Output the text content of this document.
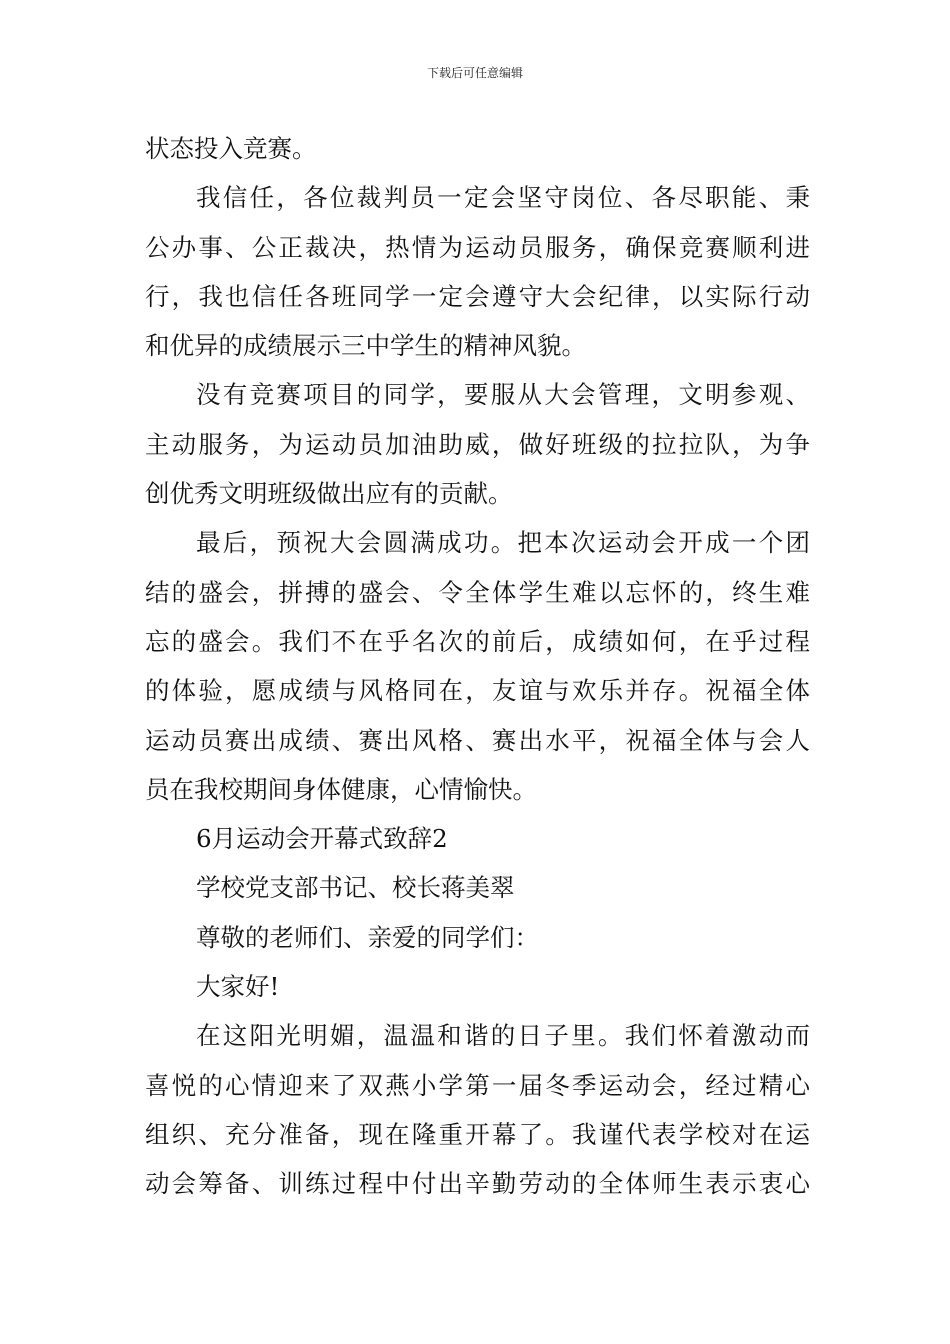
下载后可任意编辑
状态投入竞赛。
我信任，各位裁判员一定会坚守岗位、各尽职能、秉
公办事、公正裁决，热情为运动员服务，确保竞赛顺利进
行，我也信任各班同学一定会遵守大会纪律，以实际行动
和优异的成绩展示三中学生的精神风貌。
没有竞赛项目的同学，要服从大会管理，文明参观、
主动服务，为运动员加油助威，做好班级的拉拉队，为争
创优秀文明班级做出应有的贡献。
最后，预祝大会圆满成功。把本次运动会开成一个团
结的盛会，拼搏的盛会、令全体学生难以忘怀的，终生难
忘的盛会。我们不在乎名次的前后，成绩如何，在乎过程
的体验，愿成绩与风格同在，友谊与欢乐并存。祝福全体
运动员赛出成绩、赛出风格、赛出水平，祝福全体与会人
员在我校期间身体健康，心情愉快。
6月运动会开幕式致辞2
学校党支部书记、校长蒋美翠
尊敬的老师们、亲爱的同学们：
大家好!
在这阳光明媚，温温和谐的日子里。我们怀着激动而
喜悦的心情迎来了双燕小学第一届冬季运动会，经过精心
组织、充分准备，现在隆重开幕了。我谨代表学校对在运
动会筹备、训练过程中付出辛勤劳动的全体师生表示衷心
